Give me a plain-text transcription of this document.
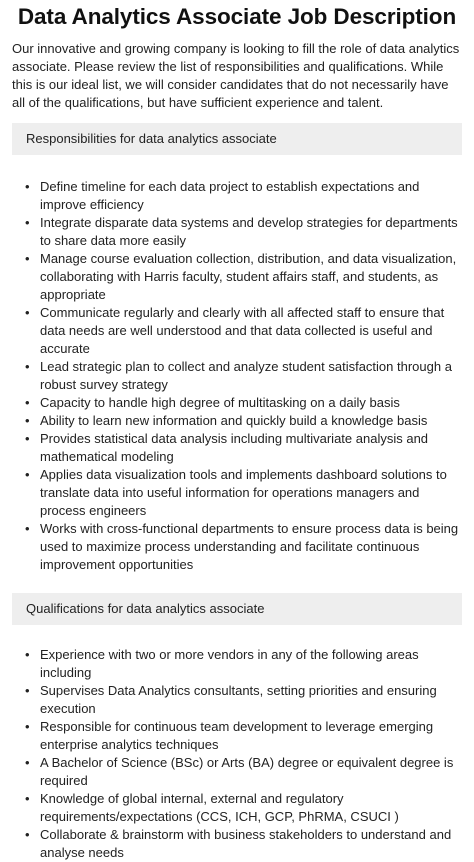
Data Analytics Associate Job Description

Our innovative and growing company is looking to fill the role of data analytics associate. Please review the list of responsibilities and qualifications. While this is our ideal list, we will consider candidates that do not necessarily have all of the qualifications, but have sufficient experience and talent.

Responsibilities for data analytics associate
• Define timeline for each data project to establish expectations and improve efficiency
• Integrate disparate data systems and develop strategies for departments to share data more easily
• Manage course evaluation collection, distribution, and data visualization, collaborating with Harris faculty, student affairs staff, and students, as appropriate
• Communicate regularly and clearly with all affected staff to ensure that data needs are well understood and that data collected is useful and accurate
• Lead strategic plan to collect and analyze student satisfaction through a robust survey strategy
• Capacity to handle high degree of multitasking on a daily basis
• Ability to learn new information and quickly build a knowledge basis
• Provides statistical data analysis including multivariate analysis and mathematical modeling
• Applies data visualization tools and implements dashboard solutions to translate data into useful information for operations managers and process engineers
• Works with cross-functional departments to ensure process data is being used to maximize process understanding and facilitate continuous improvement opportunities
Qualifications for data analytics associate
• Experience with two or more vendors in any of the following areas including
• Supervises Data Analytics consultants, setting priorities and ensuring execution
• Responsible for continuous team development to leverage emerging enterprise analytics techniques
• A Bachelor of Science (BSc) or Arts (BA) degree or equivalent degree is required
• Knowledge of global internal, external and regulatory requirements/expectations (CCS, ICH, GCP, PhRMA, CSUCI )
• Collaborate & brainstorm with business stakeholders to understand and analyse needs
